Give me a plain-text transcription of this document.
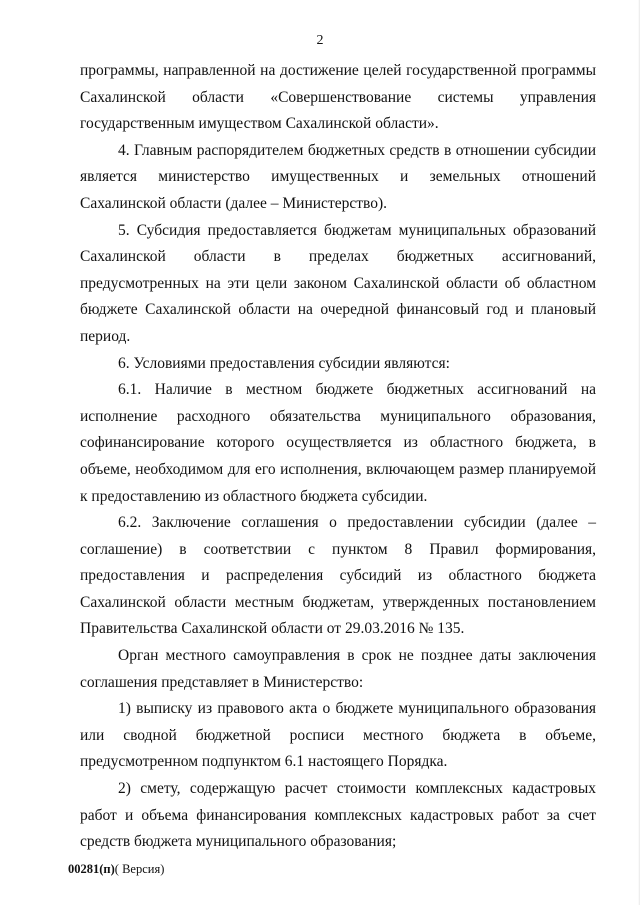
2

программы, направленной на достижение целей государственной программы Сахалинской области «Совершенствование системы управления государственным имуществом Сахалинской области».

4. Главным распорядителем бюджетных средств в отношении субсидии является министерство имущественных и земельных отношений Сахалинской области (далее – Министерство).

5. Субсидия предоставляется бюджетам муниципальных образований Сахалинской области в пределах бюджетных ассигнований, предусмотренных на эти цели законом Сахалинской области об областном бюджете Сахалинской области на очередной финансовый год и плановый период.

6. Условиями предоставления субсидии являются:

6.1. Наличие в местном бюджете бюджетных ассигнований на исполнение расходного обязательства муниципального образования, софинансирование которого осуществляется из областного бюджета, в объеме, необходимом для его исполнения, включающем размер планируемой к предоставлению из областного бюджета субсидии.

6.2. Заключение соглашения о предоставлении субсидии (далее – соглашение) в соответствии с пунктом 8 Правил формирования, предоставления и распределения субсидий из областного бюджета Сахалинской области местным бюджетам, утвержденных постановлением Правительства Сахалинской области от 29.03.2016 № 135.

Орган местного самоуправления в срок не позднее даты заключения соглашения представляет в Министерство:

1) выписку из правового акта о бюджете муниципального образования или сводной бюджетной росписи местного бюджета в объеме, предусмотренном подпунктом 6.1 настоящего Порядка.

2) смету, содержащую расчет стоимости комплексных кадастровых работ и объема финансирования комплексных кадастровых работ за счет средств бюджета муниципального образования;

00281(п)( Версия)
